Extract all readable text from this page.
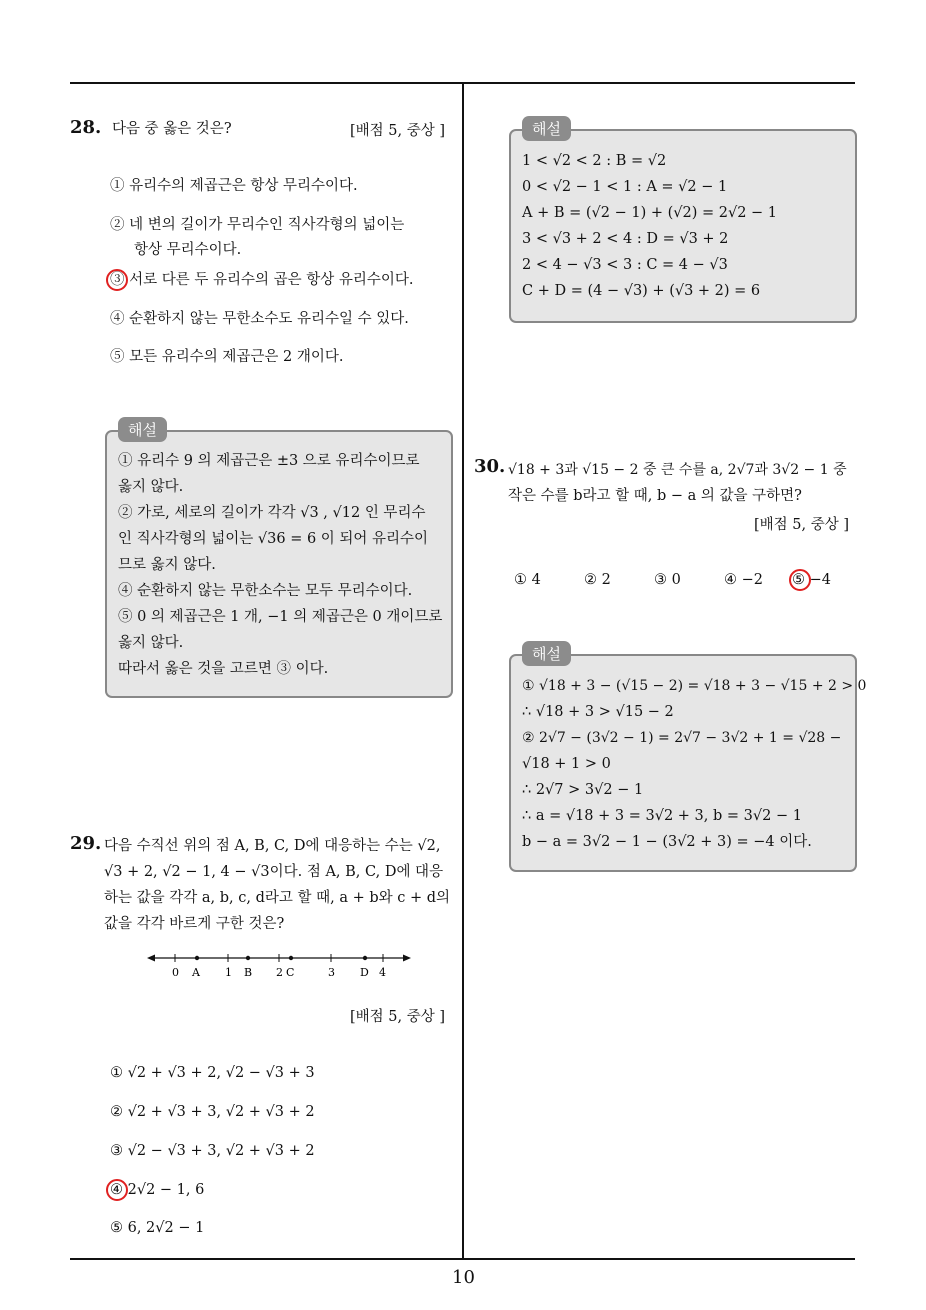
28. 다음 중 옳은 것은?	[배점 5, 중상 ]
① 유리수의 제곱근은 항상 무리수이다.
② 네 변의 길이가 무리수인 직사각형의 넓이는
항상 무리수이다.
③ 서로 다른 두 유리수의 곱은 항상 유리수이다.
④ 순환하지 않는 무한소수도 유리수일 수 있다.
⑤ 모든 유리수의 제곱근은 2 개이다.
해설
① 유리수 9 의 제곱근은 ±3 으로 유리수이므로
옳지 않다.
② 가로, 세로의 길이가 각각 √3 , √12 인 무리수
인 직사각형의 넓이는 √36 = 6 이 되어 유리수이
므로 옳지 않다.
④ 순환하지 않는 무한소수는 모두 무리수이다.
⑤ 0 의 제곱근은 1 개, −1 의 제곱근은 0 개이므로
옳지 않다.
따라서 옳은 것을 고르면 ③ 이다.
29. 다음 수직선 위의 점 A, B, C, D에 대응하는 수는 √2,
√3 + 2, √2 − 1, 4 − √3이다. 점 A, B, C, D에 대응
하는 값을 각각 a, b, c, d라고 할 때, a + b와 c + d의
값을 각각 바르게 구한 것은?
0 A 1 B 2 C	3 D 4
[배점 5, 중상 ]
① √2 + √3 + 2, √2 − √3 + 3
② √2 + √3 + 3, √2 + √3 + 2
③ √2 − √3 + 3, √2 + √3 + 2
④ 2√2 − 1, 6
⑤ 6, 2√2 − 1
해설
1 < √2 < 2 : B = √2
0 < √2 − 1 < 1 : A = √2 − 1
A + B = (√2 − 1) + (√2) = 2√2 − 1
3 < √3 + 2 < 4 : D = √3 + 2
2 < 4 − √3 < 3 : C = 4 − √3
C + D = (4 − √3) + (√3 + 2) = 6
30. √18 + 3과 √15 − 2 중 큰 수를 a, 2√7과 3√2 − 1 중
작은 수를 b라고 할 때, b − a 의 값을 구하면?
[배점 5, 중상 ]
① 4	② 2	③ 0	④ −2 ⑤ −4
해설
① √18 + 3 − (√15 − 2) = √18 + 3 − √15 + 2 > 0
∴ √18 + 3 > √15 − 2
② 2√7 − (3√2 − 1) = 2√7 − 3√2 + 1 = √28 −
√18 + 1 > 0
∴ 2√7 > 3√2 − 1
∴ a = √18 + 3 = 3√2 + 3, b = 3√2 − 1
b − a = 3√2 − 1 − (3√2 + 3) = −4 이다.
10
